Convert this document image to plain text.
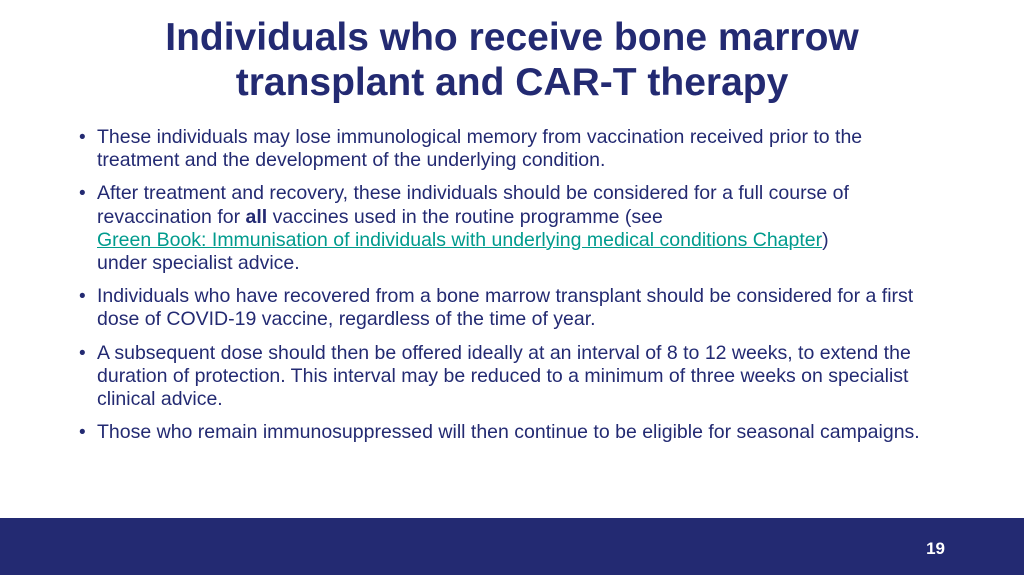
Individuals who receive bone marrow
transplant and CAR-T therapy
• These individuals may lose immunological memory from vaccination received prior to the treatment and the development of the underlying condition.
• After treatment and recovery, these individuals should be considered for a full course of revaccination for all vaccines used in the routine programme (see
Green Book: Immunisation of individuals with underlying medical conditions Chapter)
under specialist advice.
• Individuals who have recovered from a bone marrow transplant should be considered for a first dose of COVID-19 vaccine, regardless of the time of year.
• A subsequent dose should then be offered ideally at an interval of 8 to 12 weeks, to extend the duration of protection. This interval may be reduced to a minimum of three weeks on specialist clinical advice.
• Those who remain immunosuppressed will then continue to be eligible for seasonal campaigns.
19
